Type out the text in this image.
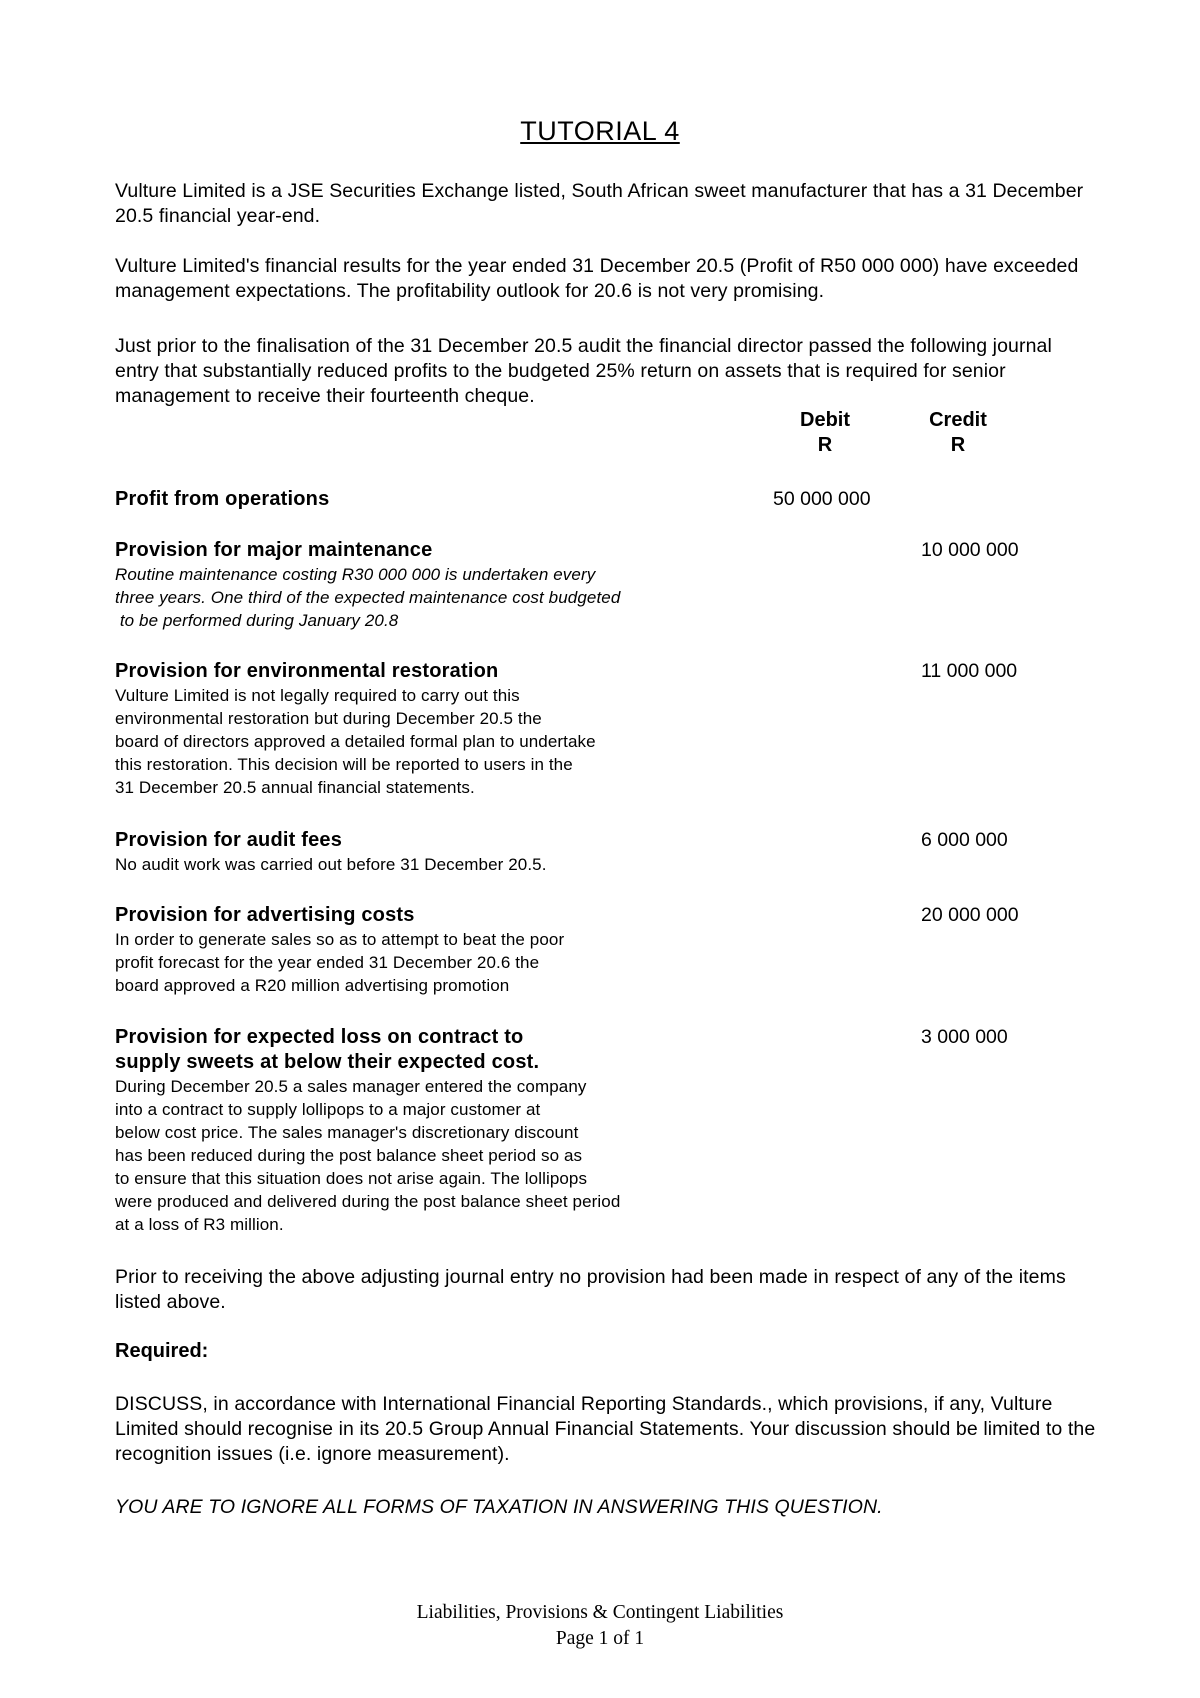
TUTORIAL 4
Vulture Limited is a JSE Securities Exchange listed, South African sweet manufacturer that has a 31 December 20.5 financial year-end.
Vulture Limited's financial results for the year ended 31 December 20.5 (Profit of R50 000 000) have exceeded management expectations. The profitability outlook for 20.6 is not very promising.
Just prior to the finalisation of the 31 December 20.5 audit the financial director passed the following journal entry that substantially reduced profits to the budgeted 25% return on assets that is required for senior management to receive their fourteenth cheque.
Debit
R
Credit
R
Profit from operations	50 000 000
Provision for major maintenance
Routine maintenance costing R30 000 000 is undertaken every
three years. One third of the expected maintenance cost budgeted
to be performed during January 20.8
10 000 000
Provision for environmental restoration
Vulture Limited is not legally required to carry out this
environmental restoration but during December 20.5 the
board of directors approved a detailed formal plan to undertake
this restoration. This decision will be reported to users in the
31 December 20.5 annual financial statements.
11 000 000
Provision for audit fees
No audit work was carried out before 31 December 20.5.
6 000 000
Provision for advertising costs
In order to generate sales so as to attempt to beat the poor
profit forecast for the year ended 31 December 20.6 the
board approved a R20 million advertising promotion
20 000 000
Provision for expected loss on contract to
supply sweets at below their expected cost.
During December 20.5 a sales manager entered the company
into a contract to supply lollipops to a major customer at
below cost price. The sales manager's discretionary discount
has been reduced during the post balance sheet period so as
to ensure that this situation does not arise again. The lollipops
were produced and delivered during the post balance sheet period
at a loss of R3 million.
3 000 000
Prior to receiving the above adjusting journal entry no provision had been made in respect of any of the items listed above.
Required:
DISCUSS, in accordance with International Financial Reporting Standards., which provisions, if any, Vulture Limited should recognise in its 20.5 Group Annual Financial Statements. Your discussion should be limited to the recognition issues (i.e. ignore measurement).
YOU ARE TO IGNORE ALL FORMS OF TAXATION IN ANSWERING THIS QUESTION.
Liabilities, Provisions & Contingent Liabilities
Page 1 of 1
